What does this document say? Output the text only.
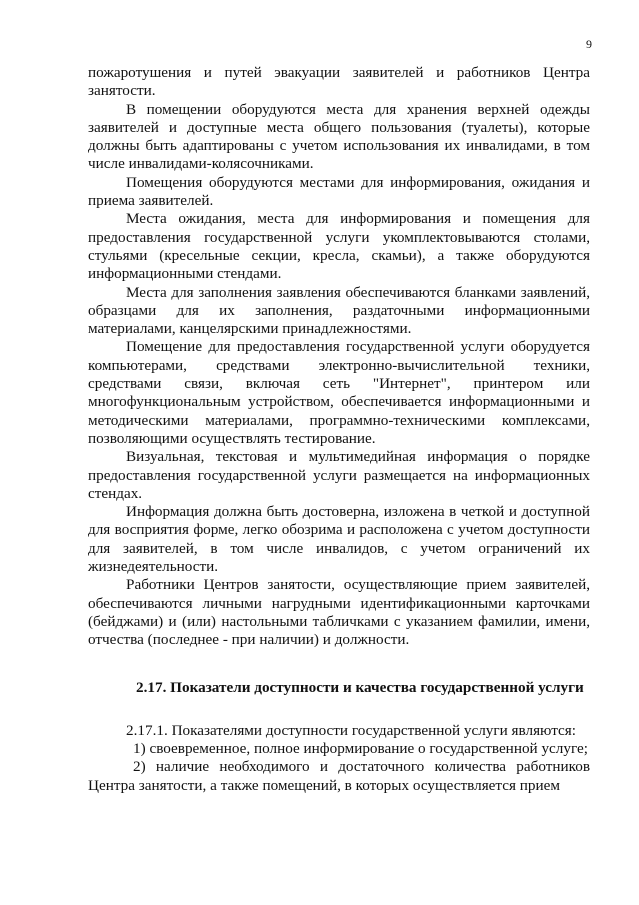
9

пожаротушения и путей эвакуации заявителей и работников Центра занятости.

В помещении оборудуются места для хранения верхней одежды заявителей и доступные места общего пользования (туалеты), которые должны быть адаптированы с учетом использования их инвалидами, в том числе инвалидами-колясочниками.

Помещения оборудуются местами для информирования, ожидания и приема заявителей.

Места ожидания, места для информирования и помещения для предоставления государственной услуги укомплектовываются столами, стульями (кресельные секции, кресла, скамьи), а также оборудуются информационными стендами.

Места для заполнения заявления обеспечиваются бланками заявлений, образцами для их заполнения, раздаточными информационными материалами, канцелярскими принадлежностями.

Помещение для предоставления государственной услуги оборудуется компьютерами, средствами электронно-вычислительной техники, средствами связи, включая сеть "Интернет", принтером или многофункциональным устройством, обеспечивается информационными и методическими материалами, программно-техническими комплексами, позволяющими осуществлять тестирование.

Визуальная, текстовая и мультимедийная информация о порядке предоставления государственной услуги размещается на информационных стендах.

Информация должна быть достоверна, изложена в четкой и доступной для восприятия форме, легко обозрима и расположена с учетом доступности для заявителей, в том числе инвалидов, с учетом ограничений их жизнедеятельности.

Работники Центров занятости, осуществляющие прием заявителей, обеспечиваются личными нагрудными идентификационными карточками (бейджами) и (или) настольными табличками с указанием фамилии, имени, отчества (последнее - при наличии) и должности.

2.17. Показатели доступности и качества государственной услуги

2.17.1. Показателями доступности государственной услуги являются:

1) своевременное, полное информирование о государственной услуге;

2) наличие необходимого и достаточного количества работников Центра занятости, а также помещений, в которых осуществляется прием
